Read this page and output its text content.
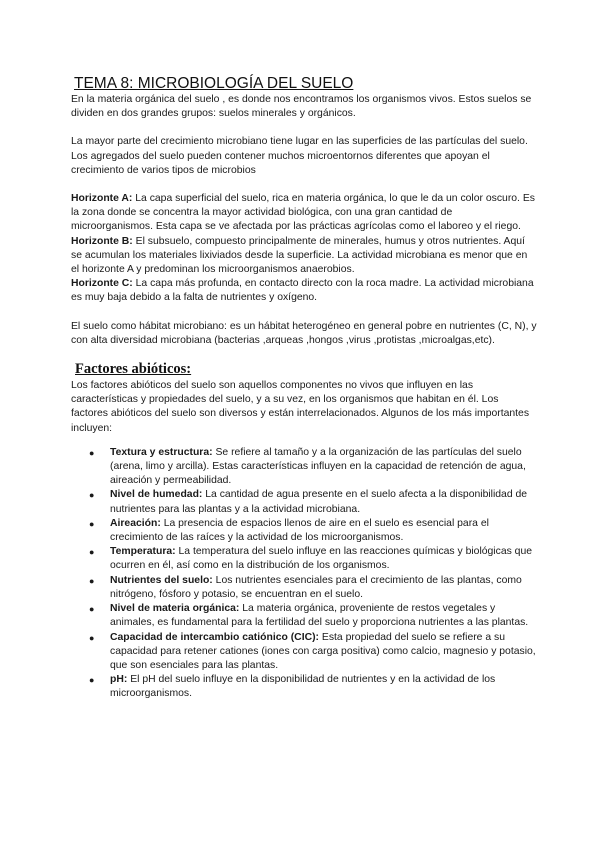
TEMA 8: MICROBIOLOGÍA DEL SUELO

En la materia orgánica del suelo , es donde nos encontramos los organismos vivos. Estos suelos se dividen en dos grandes grupos: suelos minerales y orgánicos.

La mayor parte del crecimiento microbiano tiene lugar en las superficies de las partículas del suelo. Los agregados del suelo pueden contener muchos microentornos diferentes que apoyan el crecimiento de varios tipos de microbios

Horizonte A: La capa superficial del suelo, rica en materia orgánica, lo que le da un color oscuro. Es la zona donde se concentra la mayor actividad biológica, con una gran cantidad de microorganismos. Esta capa se ve afectada por las prácticas agrícolas como el laboreo y el riego.

Horizonte B: El subsuelo, compuesto principalmente de minerales, humus y otros nutrientes. Aquí se acumulan los materiales lixiviados desde la superficie. La actividad microbiana es menor que en el horizonte A y predominan los microorganismos anaerobios.

Horizonte C: La capa más profunda, en contacto directo con la roca madre. La actividad microbiana es muy baja debido a la falta de nutrientes y oxígeno.

El suelo como hábitat microbiano: es un hábitat heterogéneo en general pobre en nutrientes (C, N), y con alta diversidad microbiana (bacterias ,arqueas ,hongos ,virus ,protistas ,microalgas,etc).

Factores abióticos:

Los factores abióticos del suelo son aquellos componentes no vivos que influyen en las características y propiedades del suelo, y a su vez, en los organismos que habitan en él. Los factores abióticos del suelo son diversos y están interrelacionados. Algunos de los más importantes incluyen:

● Textura y estructura: Se refiere al tamaño y a la organización de las partículas del suelo (arena, limo y arcilla). Estas características influyen en la capacidad de retención de agua, aireación y permeabilidad.
● Nivel de humedad: La cantidad de agua presente en el suelo afecta a la disponibilidad de nutrientes para las plantas y a la actividad microbiana.
● Aireación: La presencia de espacios llenos de aire en el suelo es esencial para el crecimiento de las raíces y la actividad de los microorganismos.
● Temperatura: La temperatura del suelo influye en las reacciones químicas y biológicas que ocurren en él, así como en la distribución de los organismos.
● Nutrientes del suelo: Los nutrientes esenciales para el crecimiento de las plantas, como nitrógeno, fósforo y potasio, se encuentran en el suelo.
● Nivel de materia orgánica: La materia orgánica, proveniente de restos vegetales y animales, es fundamental para la fertilidad del suelo y proporciona nutrientes a las plantas.
● Capacidad de intercambio catiónico (CIC): Esta propiedad del suelo se refiere a su capacidad para retener cationes (iones con carga positiva) como calcio, magnesio y potasio, que son esenciales para las plantas.
● pH: El pH del suelo influye en la disponibilidad de nutrientes y en la actividad de los microorganismos.
